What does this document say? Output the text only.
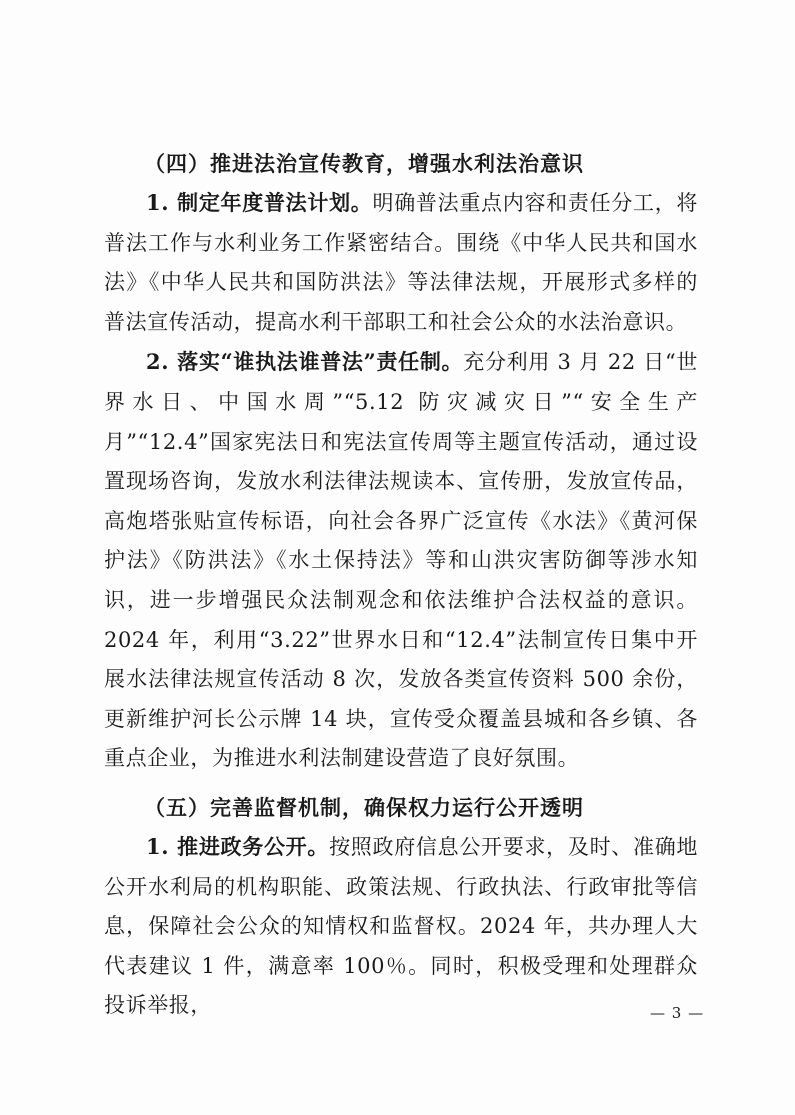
（四）推进法治宣传教育，增强水利法治意识

1. 制定年度普法计划。明确普法重点内容和责任分工，将普法工作与水利业务工作紧密结合。围绕《中华人民共和国水法》《中华人民共和国防洪法》等法律法规，开展形式多样的普法宣传活动，提高水利干部职工和社会公众的水法治意识。

2. 落实“谁执法谁普法”责任制。充分利用 3 月 22 日“世界水日、中国水周”“5.12 防灾减灾日”“安全生产月”“12.4”国家宪法日和宪法宣传周等主题宣传活动，通过设置现场咨询，发放水利法律法规读本、宣传册，发放宣传品，高炮塔张贴宣传标语，向社会各界广泛宣传《水法》《黄河保护法》《防洪法》《水土保持法》等和山洪灾害防御等涉水知识，进一步增强民众法制观念和依法维护合法权益的意识。2024 年，利用“3.22”世界水日和“12.4”法制宣传日集中开展水法律法规宣传活动 8 次，发放各类宣传资料 500 余份，更新维护河长公示牌 14 块，宣传受众覆盖县城和各乡镇、各重点企业，为推进水利法制建设营造了良好氛围。

（五）完善监督机制，确保权力运行公开透明

1. 推进政务公开。按照政府信息公开要求，及时、准确地公开水利局的机构职能、政策法规、行政执法、行政审批等信息，保障社会公众的知情权和监督权。2024 年，共办理人大代表建议 1 件，满意率 100％。同时，积极受理和处理群众投诉举报，	— 3 —
